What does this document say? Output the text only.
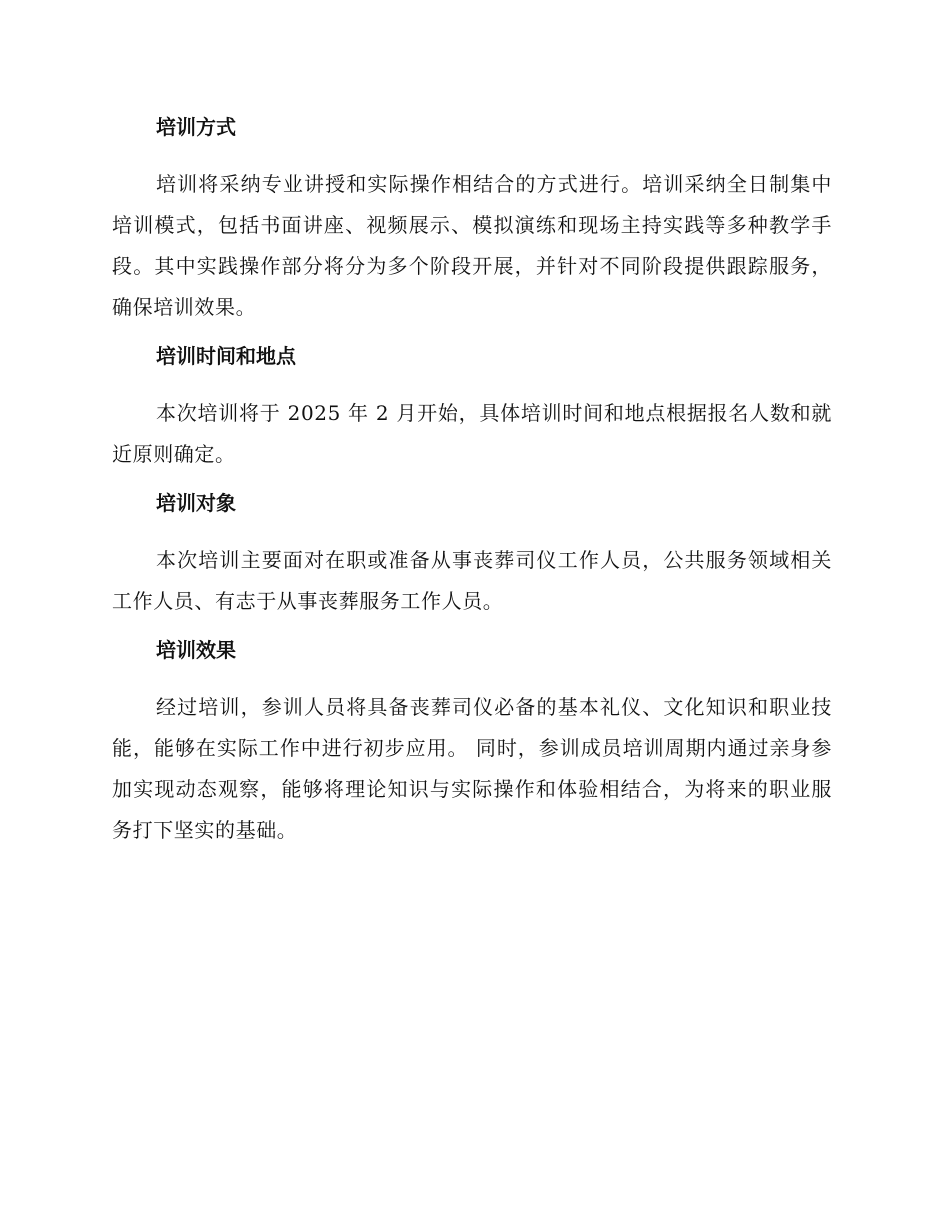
培训方式

培训将采纳专业讲授和实际操作相结合的方式进行。培训采纳全日制集中培训模式，包括书面讲座、视频展示、模拟演练和现场主持实践等多种教学手段。其中实践操作部分将分为多个阶段开展，并针对不同阶段提供跟踪服务，确保培训效果。

培训时间和地点

本次培训将于 2025 年 2 月开始，具体培训时间和地点根据报名人数和就近原则确定。

培训对象

本次培训主要面对在职或准备从事丧葬司仪工作人员，公共服务领域相关工作人员、有志于从事丧葬服务工作人员。

培训效果

经过培训，参训人员将具备丧葬司仪必备的基本礼仪、文化知识和职业技能，能够在实际工作中进行初步应用。 同时，参训成员培训周期内通过亲身参加实现动态观察，能够将理论知识与实际操作和体验相结合，为将来的职业服务打下坚实的基础。
